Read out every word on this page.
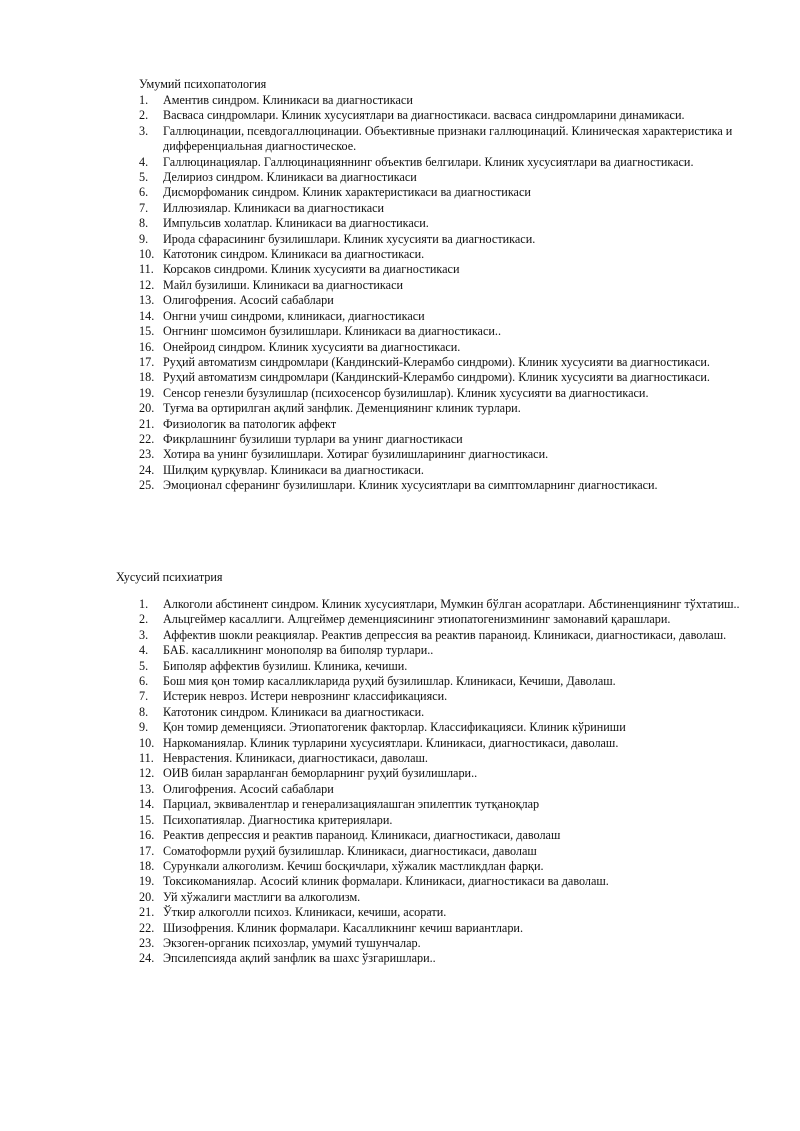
Умумий психопатология
1.	Аментив синдром. Клиникаси ва диагностикаси
2.	Васваса синдромлари. Клиник хусусиятлари ва диагностикаси. васваса синдромларини динамикаси.
3.	Галлюцинации, псевдогаллюцинации. Объективные признаки галлюцинаций. Клиническая характеристика и дифференциальная диагностическое.
4.	Галлюцинациялар. Галлюцинацияннинг объектив белгилари. Клиник хусусиятлари ва диагностикаси.
5.	Делириоз синдром. Клиникаси ва диагностикаси
6.	Дисморфоманик синдром. Клиник характеристикаси ва диагностикаси
7.	Иллюзиялар. Клиникаси ва диагностикаси
8.	Импульсив холатлар. Клиникаси ва диагностикаси.
9.	Ирода сфарасининг бузилишлари. Клиник хусусияти ва диагностикаси.
10. Катотоник синдром. Клиникаси ва диагностикаси.
11. Корсаков синдроми. Клиник хусусияти ва диагностикаси
12. Майл бузилиши. Клиникаси ва диагностикаси
13. Олигофрения. Асосий сабаблари
14. Онгни учиш синдроми, клиникаси, диагностикаси
15. Онгнинг шомсимон бузилишлари. Клиникаси ва диагностикаси..
16. Онейроид синдром. Клиник хусусияти ва диагностикаси.
17. Руҳий автоматизм синдромлари (Кандинский-Клерамбо синдроми). Клиник хусусияти ва диагностикаси.
18. Руҳий автоматизм синдромлари (Кандинский-Клерамбо синдроми). Клиник хусусияти ва диагностикаси.
19. Сенсор генезли бузулишлар (психосенсор бузилишлар). Клиник хусусияти ва диагностикаси.
20. Туғма ва ортирилган ақлий занфлик. Деменциянинг клиник турлари.
21. Физиологик ва патологик аффект
22. Фикрлашнинг бузилиши турлари ва унинг диагностикаси
23. Хотира ва унинг бузилишлари. Хотираг бузилишларининг диагностикаси.
24. Шилқим қурқувлар. Клиникаси ва диагностикаси.
25. Эмоционал сферанинг бузилишлари. Клиник хусусиятлари ва симптомларнинг диагностикаси.
Хусусий психиатрия
1.	Алкоголи абстинент синдром. Клиник хусусиятлари, Мумкин бўлган асоратлари. Абстиненциянинг тўхтатиш..
2.	Альцгеймер касаллиги. Алцгеймер деменциясининг этиопатогенизмининг замонавий қарашлари.
3.	Аффектив шокли реакциялар. Реактив депрессия ва реактив параноид. Клиникаси, диагностикаси, даволаш.
4.	БАБ. касалликнинг монополяр ва биполяр турлари..
5.	Биполяр аффектив бузилиш. Клиника, кечиши.
6.	Бош мия қон томир касалликларида руҳий бузилишлар. Клиникаси, Кечиши, Даволаш.
7.	Истерик невроз. Истери неврознинг классификацияси.
8.	Катотоник синдром. Клиникаси ва диагностикаси.
9.	Қон томир деменцияси. Этиопатогеник факторлар. Классификацияси. Клиник кўриниши
10. Наркоманиялар. Клиник турларини хусусиятлари. Клиникаси, диагностикаси, даволаш.
11. Неврастения. Клиникаси, диагностикаси, даволаш.
12. ОИВ билан зарарланган беморларнинг руҳий бузилишлари..
13. Олигофрения. Асосий сабаблари
14. Парциал, эквивалентлар и генерализациялашган эпилептик тутқаноқлар
15. Психопатиялар. Диагностика критериялари.
16. Реактив депрессия и реактив параноид. Клиникаси, диагностикаси, даволаш
17. Соматоформли руҳий бузилишлар. Клиникаси, диагностикаси, даволаш
18. Сурункали алкоголизм. Кечиш босқичлари, хўжалик мастликдлан фарқи.
19. Токсикоманиялар. Асосий клиник формалари. Клиникаси, диагностикаси ва даволаш.
20. Уй хўжалиги мастлиги ва алкоголизм.
21. Ўткир алкоголли психоз. Клиникаси, кечиши, асорати.
22. Шизофрения. Клиник формалари. Касалликнинг кечиш вариантлари.
23. Экзоген-органик психозлар, умумий тушунчалар.
24. Эпсилепсияда ақлий занфлик ва шахс ўзгаришлари..
